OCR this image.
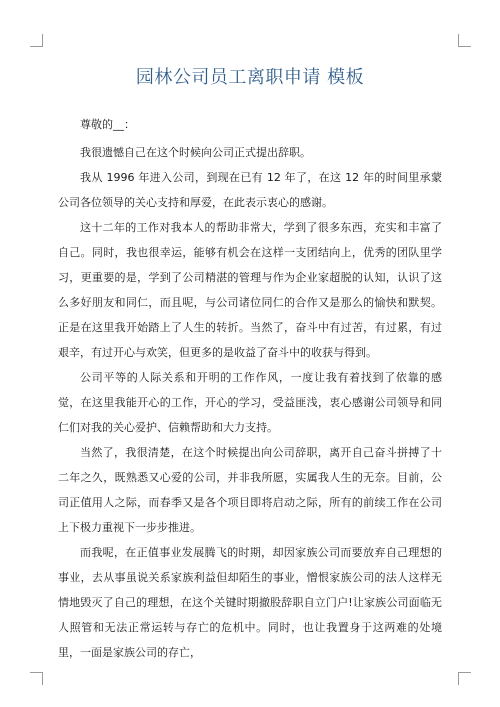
园林公司员工离职申请 模板

尊敬的__：

我很遗憾自己在这个时候向公司正式提出辞职。

我从 1996 年进入公司，到现在已有 12 年了，在这 12 年的时间里承蒙公司各位领导的关心支持和厚爱，在此表示衷心的感谢。

这十二年的工作对我本人的帮助非常大，学到了很多东西，充实和丰富了自己。同时，我也很幸运，能够有机会在这样一支团结向上，优秀的团队里学习，更重要的是，学到了公司精湛的管理与作为企业家超脱的认知，认识了这么多好朋友和同仁，而且呢，与公司诸位同仁的合作又是那么的愉快和默契。正是在这里我开始踏上了人生的转折。当然了，奋斗中有过苦，有过累，有过艰辛，有过开心与欢笑，但更多的是收益了奋斗中的收获与得到。

公司平等的人际关系和开明的工作作风，一度让我有着找到了依靠的感觉，在这里我能开心的工作，开心的学习，受益匪浅，衷心感谢公司领导和同仁们对我的关心爱护、信赖帮助和大力支持。

当然了，我很清楚，在这个时候提出向公司辞职，离开自己奋斗拼搏了十二年之久，既熟悉又心爱的公司，并非我所愿，实属我人生的无奈。目前，公司正值用人之际，而春季又是各个项目即将启动之际，所有的前续工作在公司上下极力重视下一步步推进。

而我呢，在正值事业发展腾飞的时期，却因家族公司而要放弃自己理想的事业，去从事虽说关系家族利益但却陌生的事业，憎恨家族公司的法人这样无情地毁灭了自己的理想，在这个关键时期撤股辞职自立门户!让家族公司面临无人照管和无法正常运转与存亡的危机中。同时，也让我置身于这两难的处境里，一面是家族公司的存亡，
